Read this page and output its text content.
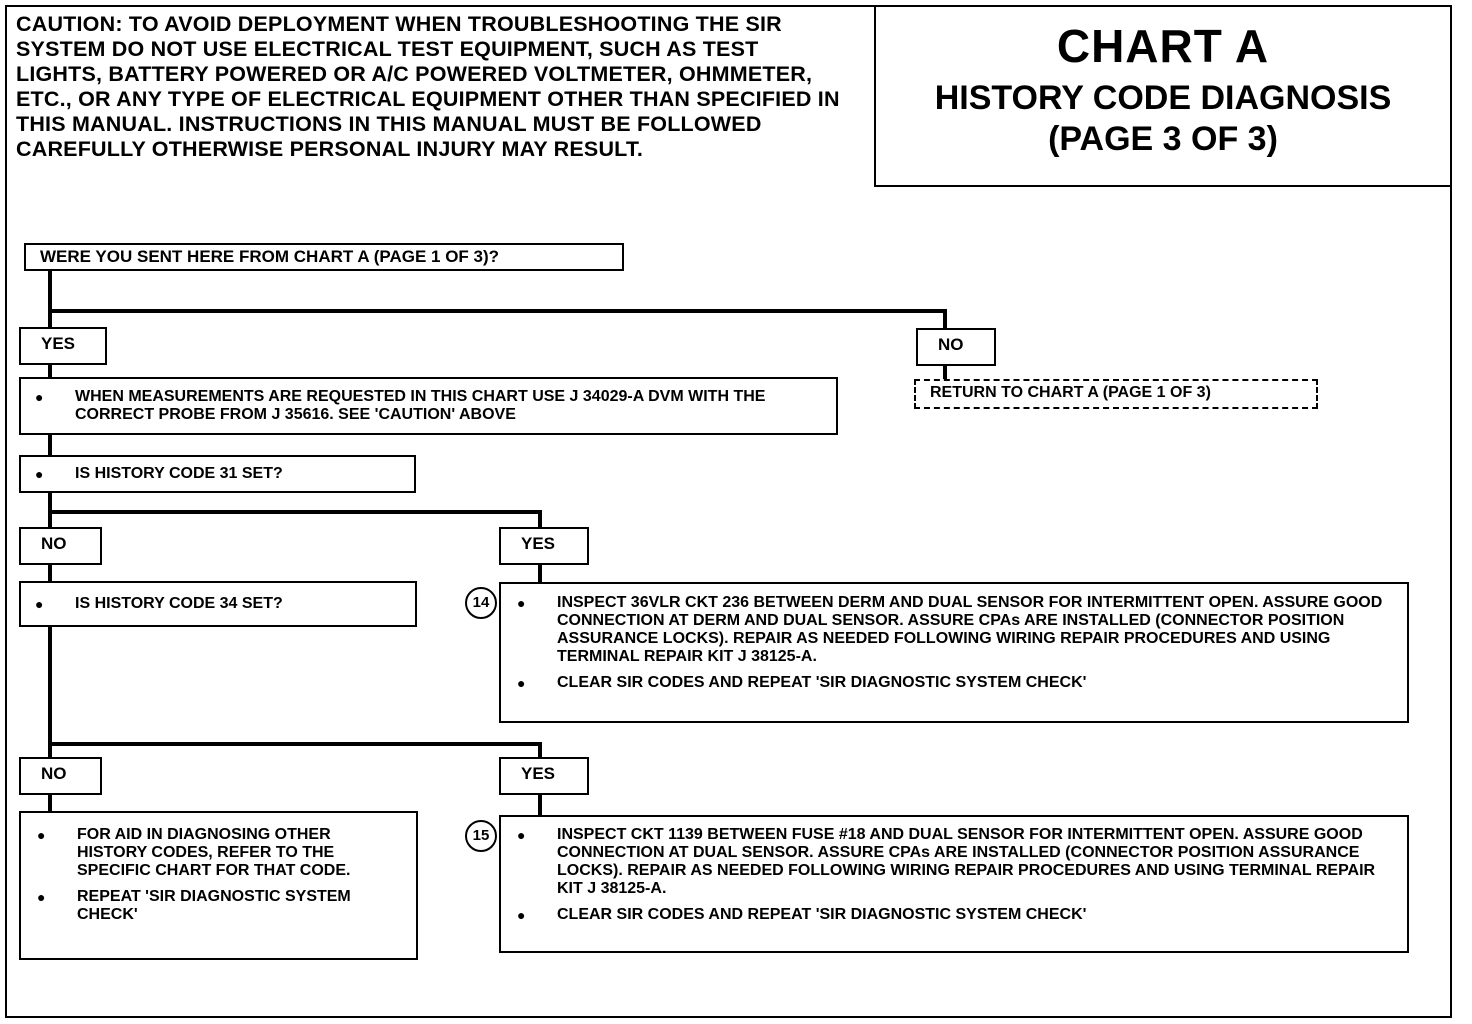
CAUTION: TO AVOID DEPLOYMENT WHEN TROUBLESHOOTING THE SIR SYSTEM DO NOT USE ELECTRICAL TEST EQUIPMENT, SUCH AS TEST LIGHTS, BATTERY POWERED OR A/C POWERED VOLTMETER, OHMMETER, ETC., OR ANY TYPE OF ELECTRICAL EQUIPMENT OTHER THAN SPECIFIED IN THIS MANUAL. INSTRUCTIONS IN THIS MANUAL MUST BE FOLLOWED CAREFULLY OTHERWISE PERSONAL INJURY MAY RESULT.
CHART A
HISTORY CODE DIAGNOSIS
(PAGE 3 OF 3)
WERE YOU SENT HERE FROM CHART A (PAGE 1 OF 3)?
YES	NO
RETURN TO CHART A (PAGE 1 OF 3)
● WHEN MEASUREMENTS ARE REQUESTED IN THIS CHART USE J 34029-A DVM WITH THE CORRECT PROBE FROM J 35616. SEE 'CAUTION' ABOVE
● IS HISTORY CODE 31 SET?
NO	YES
● IS HISTORY CODE 34 SET?	14	● INSPECT 36VLR CKT 236 BETWEEN DERM AND DUAL SENSOR FOR INTERMITTENT OPEN. ASSURE GOOD CONNECTION AT DERM AND DUAL SENSOR. ASSURE CPAs ARE INSTALLED (CONNECTOR POSITION ASSURANCE LOCKS). REPAIR AS NEEDED FOLLOWING WIRING REPAIR PROCEDURES AND USING TERMINAL REPAIR KIT J 38125-A.
● CLEAR SIR CODES AND REPEAT 'SIR DIAGNOSTIC SYSTEM CHECK'
NO	YES
● FOR AID IN DIAGNOSING OTHER HISTORY CODES, REFER TO THE SPECIFIC CHART FOR THAT CODE.
● REPEAT 'SIR DIAGNOSTIC SYSTEM CHECK'
15	● INSPECT CKT 1139 BETWEEN FUSE #18 AND DUAL SENSOR FOR INTERMITTENT OPEN. ASSURE GOOD CONNECTION AT DUAL SENSOR. ASSURE CPAs ARE INSTALLED (CONNECTOR POSITION ASSURANCE LOCKS). REPAIR AS NEEDED FOLLOWING WIRING REPAIR PROCEDURES AND USING TERMINAL REPAIR KIT J 38125-A.
● CLEAR SIR CODES AND REPEAT 'SIR DIAGNOSTIC SYSTEM CHECK'
